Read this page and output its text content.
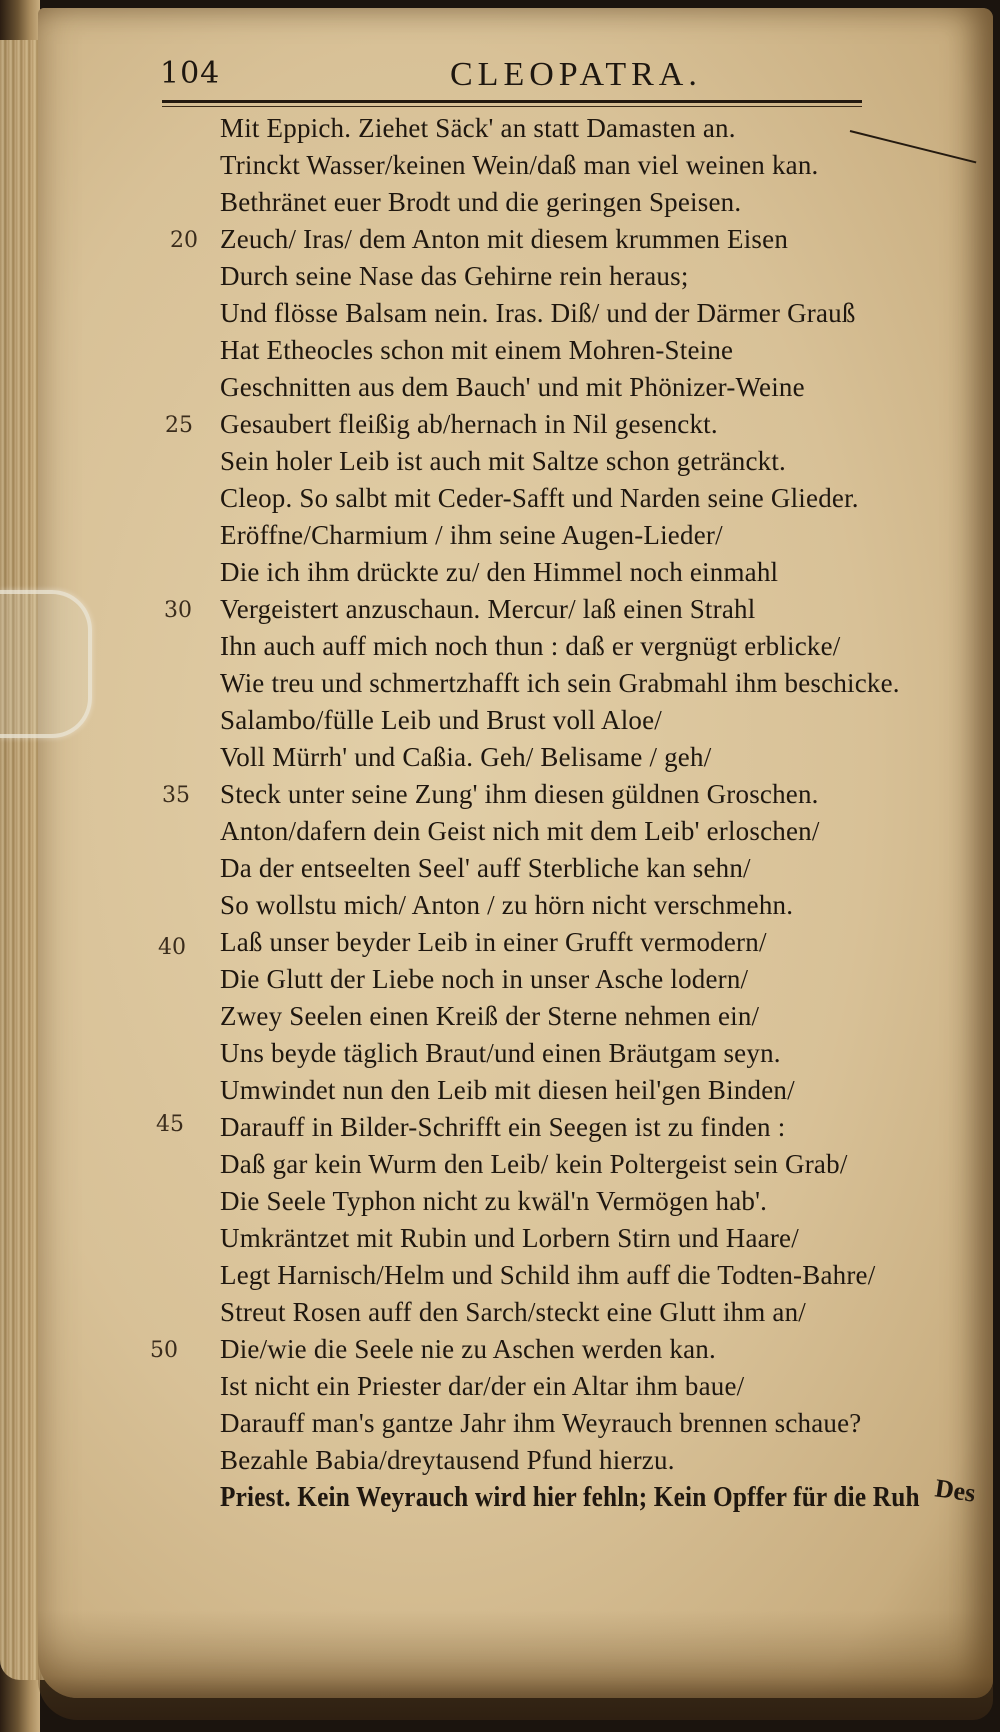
104	CLEOPATRA.
Mit Eppich. Ziehet Säck' an statt Damasten an.
Trinckt Wasser/keinen Wein/daß man viel weinen kan.
Bethränet euer Brodt und die geringen Speisen.
Zeuch/ Iras/ dem Anton mit diesem krummen Eisen
Durch seine Nase das Gehirne rein heraus;
Und flösse Balsam nein. Iras. Diß/ und der Därmer Grauß
Hat Etheocles schon mit einem Mohren-Steine
Geschnitten aus dem Bauch' und mit Phönizer-Weine
Gesaubert fleißig ab/hernach in Nil gesenckt.
Sein holer Leib ist auch mit Saltze schon getränckt.
Cleop. So salbt mit Ceder-Safft und Narden seine Glieder.
Eröffne/Charmium / ihm seine Augen-Lieder/
Die ich ihm drückte zu/ den Himmel noch einmahl
Vergeistert anzuschaun. Mercur/ laß einen Strahl
Ihn auch auff mich noch thun : daß er vergnügt erblicke/
Wie treu und schmertzhafft ich sein Grabmahl ihm beschicke.
Salambo/fülle Leib und Brust voll Aloe/
Voll Mürrh' und Caßia. Geh/ Belisame / geh/
Steck unter seine Zung' ihm diesen güldnen Groschen.
Anton/dafern dein Geist nich mit dem Leib' erloschen/
Da der entseelten Seel' auff Sterbliche kan sehn/
So wollstu mich/ Anton / zu hörn nicht verschmehn.
Laß unser beyder Leib in einer Grufft vermodern/
Die Glutt der Liebe noch in unser Asche lodern/
Zwey Seelen einen Kreiß der Sterne nehmen ein/
Uns beyde täglich Braut/und einen Bräutgam seyn.
Umwindet nun den Leib mit diesen heil'gen Binden/
Darauff in Bilder-Schrifft ein Seegen ist zu finden :
Daß gar kein Wurm den Leib/ kein Poltergeist sein Grab/
Die Seele Typhon nicht zu kwäl'n Vermögen hab'.
Umkräntzet mit Rubin und Lorbern Stirn und Haare/
Legt Harnisch/Helm und Schild ihm auff die Todten-Bahre/
Streut Rosen auff den Sarch/steckt eine Glutt ihm an/
Die/wie die Seele nie zu Aschen werden kan.
Ist nicht ein Priester dar/der ein Altar ihm baue/
Darauff man's gantze Jahr ihm Weyrauch brennen schaue?
Bezahle Babia/dreytausend Pfund hierzu.
Priest. Kein Weyrauch wird hier fehln; Kein Opffer für die Ruh
20
25
30
35
40
45
50
Des
